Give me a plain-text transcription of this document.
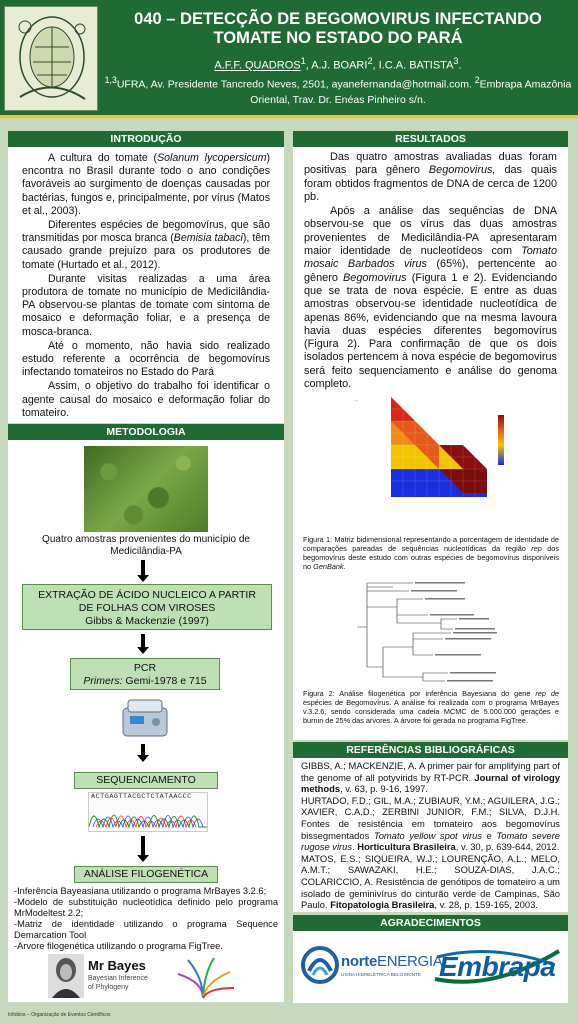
040 – DETECÇÃO DE BEGOMOVIRUS INFECTANDO TOMATE NO ESTADO DO PARÁ
A.F.F. QUADROS$^1$, A.J. BOARI$^2$, I.C.A. BATISTA$^3$.
$^{1,3}$UFRA, Av. Presidente Tancredo Neves, 2501, ayanefernanda@hotmail.com. $^2$Embrapa Amazônia Oriental, Trav. Dr. Enéas Pinheiro s/n.
INTRODUÇÃO

A cultura do tomate (Solanum lycopersicum) encontra no Brasil durante todo o ano condições favoráveis ao surgimento de doenças causadas por bactérias, fungos e, principalmente, por vírus (Matos et al., 2003).

Diferentes espécies de begomovírus, que são transmitidas por mosca branca (Bemisia tabaci), têm causado grande prejuízo para os produtores de tomate (Hurtado et al., 2012).

Durante visitas realizadas a uma área produtora de tomate no município de Medicilândia-PA observou-se plantas de tomate com sintoma de mosaico e deformação foliar, e a presença de mosca-branca.

Até o momento, não havia sido realizado estudo referente a ocorrência de begomovírus infectando tomateiros no Estado do Pará

Assim, o objetivo do trabalho foi identificar o agente causal do mosaico e deformação foliar do tomateiro.

METODOLOGIA
Quatro amostras provenientes do município de Medicilândia-PA
EXTRAÇÃO DE ÁCIDO NUCLEICO A PARTIR
DE FOLHAS COM VIROSES
Gibbs & Mackenzie (1997)
PCR
Primers: Gemi-1978 e 715
SEQUENCIAMENTO
ACTGAGTTACGCTCTATAACCC
ANÁLISE FILOGENÉTICA
-Inferência Bayeasiana utilizando o programa MrBayes 3.2.6;
-Modelo de substituição nucleotídica definido pelo programa MrModeltest 2.2;
-Matriz de identidade utilizando o programa Sequence Demarcation Tool
-Arvore filogenética utilizando o programa FigTree.
Mr Bayes
Bayesian Inference
of Phylogeny
RESULTADOS

Das quatro amostras avaliadas duas foram positivas para gênero Begomovirus, das quais foram obtidos fragmentos de DNA de cerca de 1200 pb.

Após a análise das sequências de DNA observou-se que os vírus das duas amostras provenientes de Medicilândia-PA apresentaram maior identidade de nucleotídeos com Tomato mosaic Barbados virus (65%), pertencente ao gênero Begomovirus (Figura 1 e 2). Evidenciando que se trata de nova espécie. E entre as duas amostras observou-se identidade nucleotídica de apenas 86%, evidenciando que na mesma lavoura havia duas espécies diferentes begomovírus (Figura 2). Para confirmação de que os dois isolados pertencem à nova espécie de begomovirus será feito sequenciamento e análise do genoma completo.

—
Figura 1: Matriz bidimensional representando a porcentagem de identidade de comparações pareadas de sequências nucleotídicas da região rep dos begomovírus deste estudo com outras espécies de begomovírus disponíveis no GenBank.
Figura 2: Análise filogenética por inferência Bayesiana do gene rep de espécies de Begomovírus. A análise foi realizada com o programa MrBayes v.3.2.6, sendo considerada uma cadeia MCMC de 5.000.000 gerações e burnin de 25% das arvores. A árvore foi gerada no programa FigTree.
REFERÊNCIAS BIBLIOGRÁFICAS
GIBBS, A.; MACKENZIE, A. A primer pair for amplifying part of the genome of all potyvirids by RT-PCR. Journal of virology methods, v. 63, p. 9-16, 1997.
HURTADO, F.D.; GIL, M.A.; ZUBIAUR, Y.M.; AGUILERA, J.G.; XAVIER, C.A.D.; ZERBINI JUNIOR, F.M.; SILVA, D.J.H. Fontes de resistência em tomateiro aos begomovírus bissegmentados Tomato yellow spot virus e Tomato severe rugose virus. Horticultura Brasileira, v. 30, p. 639-644, 2012.
MATOS, E.S.; SIQUEIRA, W.J.; LOURENÇÃO, A.L.; MELO, A.M.T.; SAWAZAKI, H.E.; SOUZA-DIAS, J.A.C.; COLARICCIO, A. Resistência de genótipos de tomateiro a um isolado de geminivírus do cinturão verde de Campinas, São Paulo. Fitopatologia Brasileira, v. 28, p. 159-165, 2003.
AGRADECIMENTOS
norteENERGIA
USINA HIDRELÉTRICA BELO MONTE Embrapa
Infobios – Organização de Eventos Científicos
